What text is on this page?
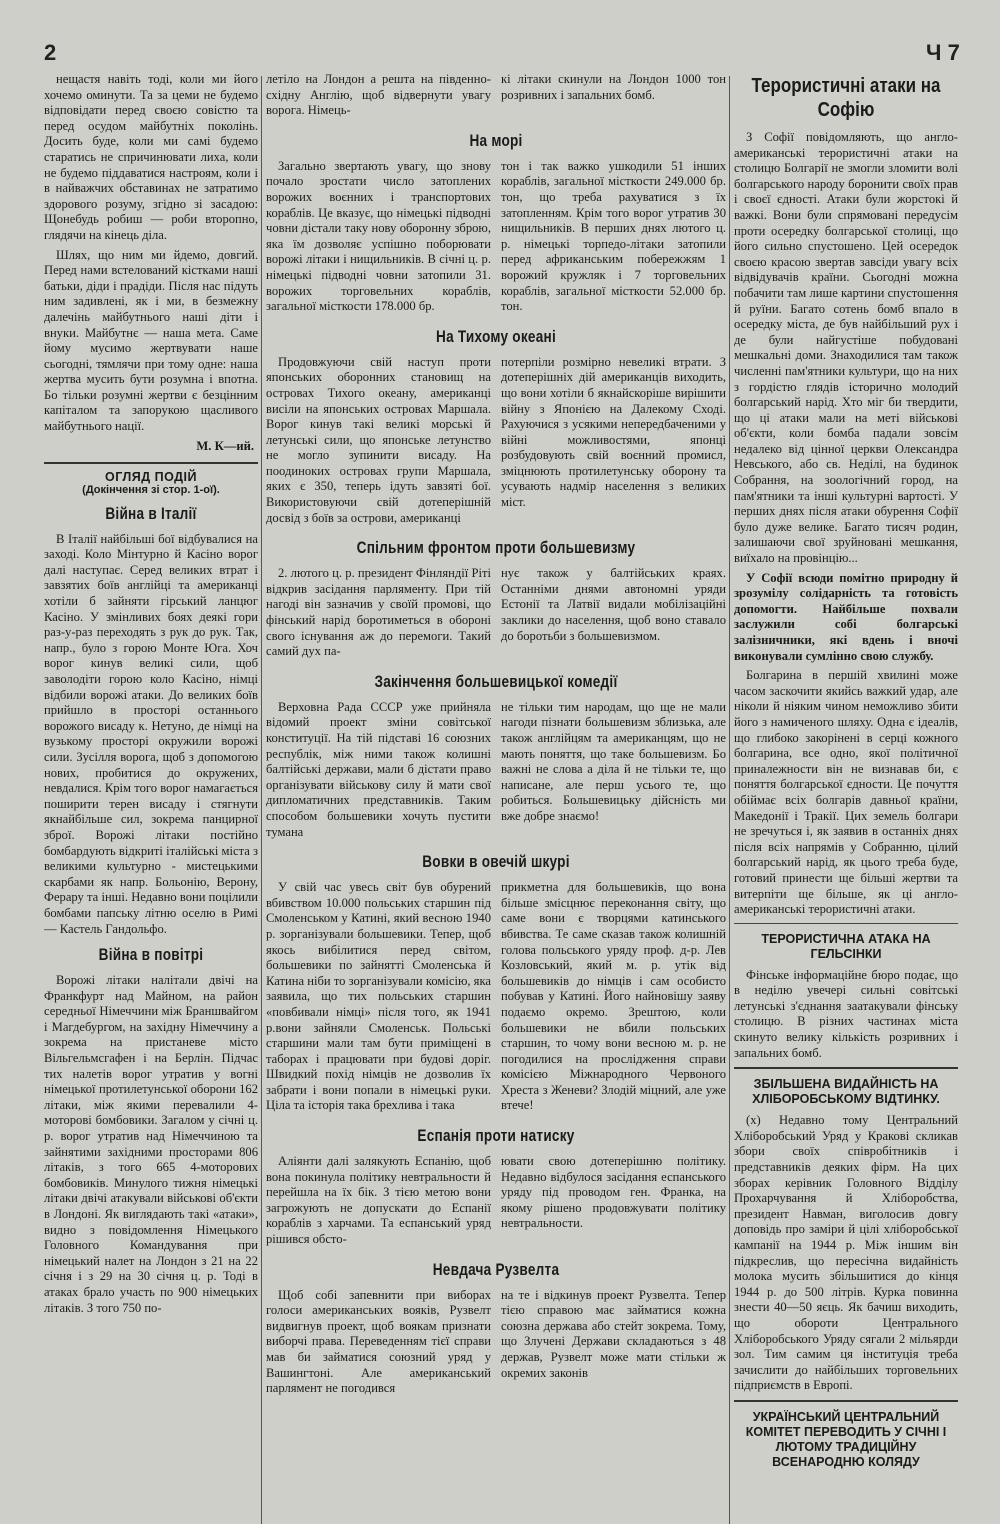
2	Ч 7

нещастя навіть тоді, коли ми його хочемо оминути. Та за цеми не будемо відповідати перед своєю совістю та перед осудом майбутніх поколінь. Досить буде, коли ми самі будемо старатись не спричинювати лиха, коли не будемо піддаватися настроям, коли і в найважчих обставинах не затратимо здорового розуму, згідно зі засадою: Щонебудь робиш — роби второпно, глядячи на кінець діла.

Шлях, що ним ми йдемо, довгий. Перед нами встелований кістками наші батьки, діди і прадіди. Після нас підуть ним задивлені, як і ми, в безмежну далечінь майбутнього наші діти і внуки. Майбутнє — наша мета. Саме йому мусимо жертвувати наше сьогодні, тямлячи при тому одне: наша жертва мусить бути розумна і впотна. Бо тільки розумні жертви є безцінним капіталом та запорукою щасливого майбутнього нації.

М. К—ий.
ОГЛЯД ПОДІЙ
(Докінчення зі стор. 1-ої).
Війна в Італії

В Італії найбільші бої відбувалися на заході. Коло Мінтурно й Касіно ворог далі наступає. Серед великих втрат і завзятих боїв англійці та американці хотіли б зайняти гірський ланцюг Касіно. У змінливих боях деякі гори раз-у-раз переходять з рук до рук. Так, напр., було з горою Монте Юга. Хоч ворог кинув великі сили, щоб заволодіти горою коло Касіно, німці відбили ворожі атаки. До великих боїв прийшло в просторі останнього ворожого висаду к. Нетуно, де німці на вузькому просторі окружили ворожі сили. Зусілля ворога, щоб з допомогою нових, пробитися до окружених, невдалися. Крім того ворог намагається поширити терен висаду і стягнути якнайбільше сил, зокрема панцирної зброї. Ворожі літаки постійно бомбардують відкриті італійські міста з великими культурно - мистецькими скарбами як напр. Больонію, Верону, Ферару та інші. Недавно вони поцілили бомбами папську літню оселю в Римі — Кастель Гандольфо.

Війна в повітрі

Ворожі літаки налітали двічі на Франкфурт над Майном, на район середньої Німеччини між Браншвайгом і Магдебургом, на західну Німеччину а зокрема на пристаневе місто Вільгельмсгафен і на Берлін. Підчас тих налетів ворог утратив у вогні німецької протилетунської оборони 162 літаки, між якими перевалили 4-моторові бомбовики. Загалом у січні ц. р. ворог утратив над Німеччиною та зайнятими західними просторами 806 літаків, з того 665 4-моторових бомбовиків. Минулого тижня німецькі літаки двічі атакували військові об'єкти в Лондоні. Як виглядають такі «атаки», видно з повідомлення Німецького Головного Командування при німецький налет на Лондон з 21 на 22 січня і з 29 на 30 січня ц. р. Тоді в атаках брало участь по 900 німецьких літаків. З того 750 по-

летіло на Лондон а решта на південно-східну Англію, щоб відвернути увагу ворога. Німець-

кі літаки скинули на Лондон 1000 тон розривних і запальних бомб.

На морі

Загально звертають увагу, що знову почало зростати число затоплених ворожих воєнних і транспортових кораблів. Це вказує, що німецькі підводні човни дістали таку нову оборонну зброю, яка їм дозволяє успішно поборювати ворожі літаки і нищильників. В січні ц. р. німецькі підводні човни затопили 31. ворожих торговельних кораблів, загальної місткости 178.000 бр.

тон і так важко ушкодили 51 інших кораблів, загальної місткости 249.000 бр. тон, що треба рахуватися з їх затопленням. Крім того ворог утратив 30 нищильників. В перших днях лютого ц. р. німецькі торпедо-літаки затопили перед африканським побережжям 1 ворожий кружляк і 7 торговельних кораблів, загальної місткости 52.000 бр. тон.

На Тихому океані

Продовжуючи свій наступ проти японських оборонних становищ на островах Тихого океану, американці висіли на японських островах Маршала. Ворог кинув такі великі морські й летунські сили, що японське летунство не могло зупинити висаду. На поодиноких островах групи Маршала, яких є 350, теперь ідуть завзяті бої. Використовуючи свій дотеперішній досвід з боїв за острови, американці

потерпіли розмірно невеликі втрати. З дотеперішніх дій американців виходить, що вони хотіли б якнайскоріше вирішити війну з Японією на Далекому Сході. Рахуючися з усякими непередбаченими у війні можливостями, японці розбудовують свій воєнний промисл, зміцнюють протилетунську оборону та усувають надмір населення з великих міст.

Спільним фронтом проти большевизму

2. лютого ц. р. президент Фінляндії Ріті відкрив засідання парляменту. При тій нагоді він зазначив у своїй промові, що фінський нарід боротиметься в обороні свого існування аж до перемоги. Такий самий дух па-

нує також у балтійських краях. Останніми днями автономні уряди Естонії та Латвії видали мобілізаційні заклики до населення, щоб воно ставало до боротьби з большевизмом.

Закінчення большевицької комедії

Верховна Рада СССР уже прийняла відомий проект зміни совітської конституції. На тій підставі 16 союзних республік, між ними також колишні балтійські держави, мали б дістати право організувати військову силу й мати свої дипломатичних представників. Таким способом большевики хочуть пустити тумана

не тільки тим народам, що ще не мали нагоди пізнати большевизм зблизька, але також англійцям та американцям, що не мають поняття, що таке большевизм. Бо важні не слова а діла й не тільки те, що написане, але перш усього те, що робиться. Большевицьку дійсність ми вже добре знаємо!

Вовки в овечій шкурі

У свій час увесь світ був обурений вбивством 10.000 польських старшин під Смоленськом у Катині, який весною 1940 р. зорганізували большевики. Тепер, щоб якось вибілитися перед світом, большевики по зайнятті Смоленська й Катина ніби то зорганізували комісію, яка заявила, що тих польських старшин «повбивали німці» після того, як 1941 р.вони зайняли Смоленськ. Польські старшини мали там бути приміщені в таборах і працювати при будові доріг. Швидкий похід німців не дозволив їх забрати і вони попали в німецькі руки. Ціла та історія така брехлива і така

прикметна для большевиків, що вона більше змісцнює переконання світу, що саме вони є творцями катинського вбивства. Те саме сказав також колишній голова польського уряду проф. д-р. Лев Козловський, який м. р. утік від большевиків до німців і сам особисто побував у Катині. Його найновішу заяву подаємо окремо. Зрештою, коли большевики не вбили польських старшин, то чому вони весною м. р. не погодилися на прослідження справи комісією Міжнародного Червоного Хреста з Женеви? Злодій міцний, але уже втече!

Еспанія проти натиску

Аліянти далі залякують Еспанію, щоб вона покинула політику невтральности й перейшла на їх бік. З тією метою вони загрожують не допускати до Еспанії кораблів з харчами. Та еспанський уряд рішився обсто-

ювати свою дотеперішню політику. Недавно відбулося засідання еспанського уряду під проводом ген. Франка, на якому рішено продовжувати політику невтральности.

Невдача Рузвелта

Щоб собі запевнити при виборах голоси американських вояків, Рузвелт видвигнув проект, щоб воякам признати виборчі права. Переведенням тієї справи мав би займатися союзний уряд у Вашингтоні. Але американський парлямент не погодився

на те і відкинув проект Рузвелта. Тепер тією справою має займатися кожна союзна держава або стейт зокрема. Тому, що Злучені Держави складаються з 48 держав, Рузвелт може мати стільки ж окремих законів

Терористичні атаки на Софію

З Софії повідомляють, що англо-американські терористичні атаки на столицю Болгарії не змогли зломити волі болгарського народу боронити своїх прав і своєї єдності. Атаки були жорстокі й важкі. Вони були спрямовані передусім проти осередку болгарської столиці, що його сильно спустошено. Цей осередок своєю красою звертав завсіди увагу всіх відвідувачів країни. Сьогодні можна побачити там лише картини спустошення й руїни. Багато сотень бомб впало в осередку міста, де був найбільший рух і де були найгустіше побудовані мешкальні доми. Знаходилися там також численні пам'ятники культури, що на них з гордістю глядів історично молодий болгарський нарід. Хто міг би твердити, що ці атаки мали на меті військові об'єкти, коли бомба падали зовсім недалеко від цінної церкви Олександра Невського, або св. Неділі, на будинок Собрання, на зоологічний город, на пам'ятники та інші культурні вартості. У перших днях після атаки обурення Софії було дуже велике. Багато тисяч родин, залишаючи свої зруйновані мешкання, виїхало на провінцію...

У Софії всюди помітно природну й зрозумілу солідарність та готовість допомогти. Найбільше похвали заслужили собі болгарські залізничники, які вдень і вночі виконували сумлінно свою службу.

Болгарина в першій хвилині може часом заскочити якийсь важкий удар, але ніколи й ніяким чином неможливо збити його з намиченого шляху. Одна є ідеалів, що глибоко закорінені в серці кожного болгарина, все одно, якої політичної приналежности він не визнавав би, є поняття болгарської єдности. Це почуття обіймає всіх болгарів давньої країни, Македонії і Тракії. Цих земель болгари не зречуться і, як заявив в останніх днях після всіх напрямів у Собранню, цілий болгарський нарід, як цього треба буде, готовий принести ще більші жертви та витерпіти ще більше, як ці англо-американські терористичні атаки.

ТЕРОРИСТИЧНА АТАКА НА ГЕЛЬСІНКИ

Фінське інформаційне бюро подає, що в неділю увечері сильні совітські летунські з'єднання заатакували фінську столицю. В різних частинах міста скинуто велику кількість розривних і запальних бомб.

ЗБІЛЬШЕНА ВИДАЙНІСТЬ НА ХЛІБОРОБСЬКОМУ ВІДТИНКУ.

(х) Недавно тому Центральний Хліборобський Уряд у Кракові скликав збори своїх співробітників і представників деяких фірм. На цих зборах керівник Головного Відділу Прохарчування й Хліборобства, президент Навман, виголосив довгу доповідь про заміри й цілі хліборобської кампанії на 1944 р. Між іншим він підкреслив, що пересічна видайність молока мусить збільшитися до кінця 1944 р. до 500 літрів. Курка повинна знести 40—50 яєць. Як бачиш виходить, що обороти Центрального Хліборобського Уряду сягали 2 мільярди зол. Тим самим ця інституція треба зачислити до найбільших торговельних підприємств в Европі.

УКРАЇНСЬКИЙ ЦЕНТРАЛЬНИЙ КОМІТЕТ ПЕРЕВОДИТЬ У СІЧНІ І ЛЮТОМУ ТРАДИЦІЙНУ ВСЕНАРОДНЮ КОЛЯДУ
